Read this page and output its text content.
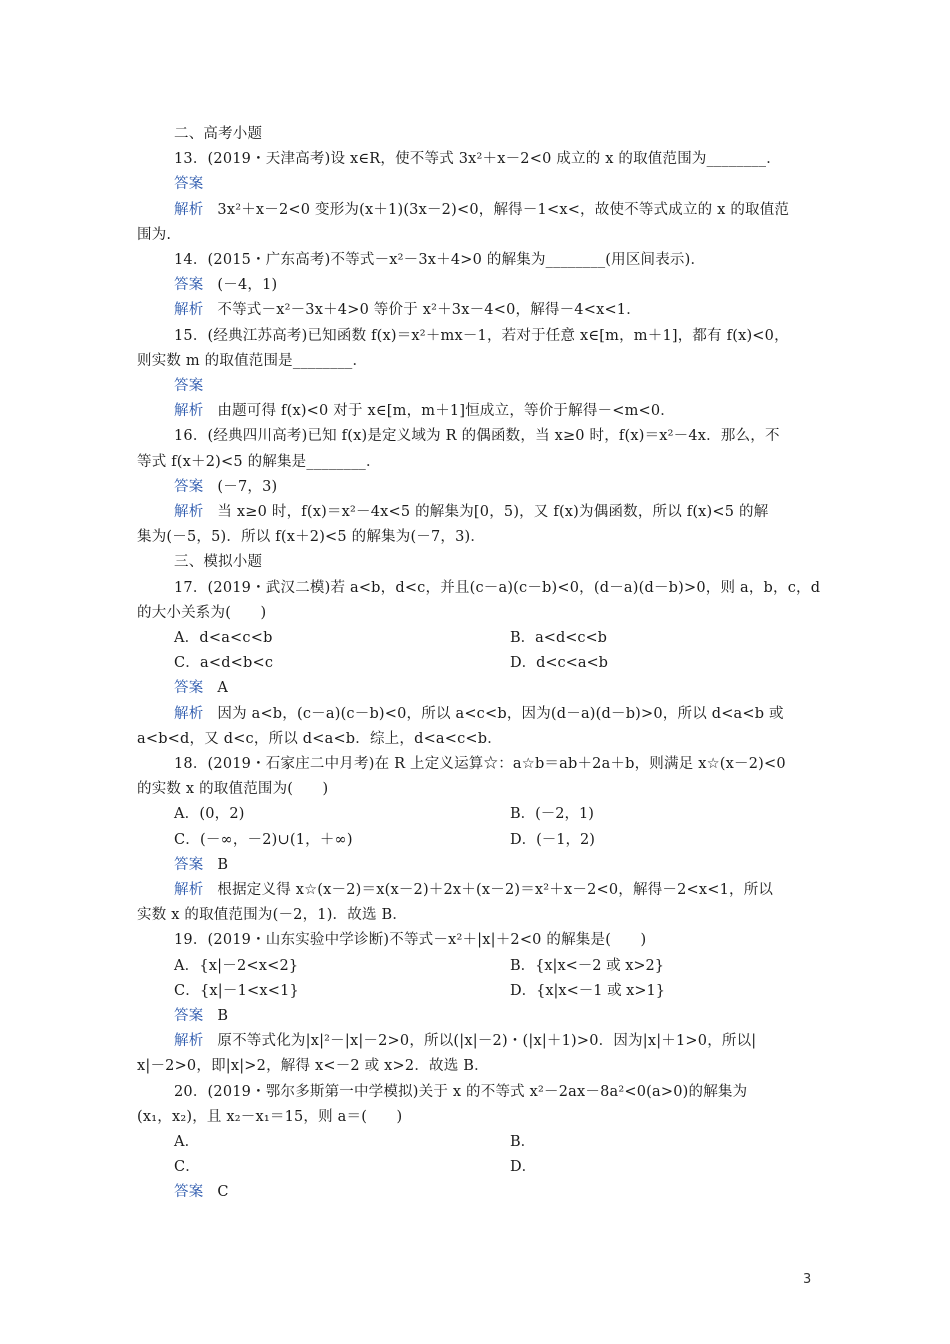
二、高考小题
13．(2019・天津高考)设 x∈R，使不等式 3x²＋x－2<0 成立的 x 的取值范围为________．
答案
解析 3x²＋x－2<0 变形为(x＋1)(3x－2)<0，解得－1<x<，故使不等式成立的 x 的取值范
围为.
14．(2015・广东高考)不等式－x²－3x＋4>0 的解集为________(用区间表示)．
答案 (－4，1)
解析 不等式－x²－3x＋4>0 等价于 x²＋3x－4<0，解得－4<x<1．
15．(经典江苏高考)已知函数 f(x)＝x²＋mx－1，若对于任意 x∈[m，m＋1]，都有 f(x)<0，
则实数 m 的取值范围是________．
答案
解析 由题可得 f(x)<0 对于 x∈[m，m＋1]恒成立，等价于解得－<m<0．
16．(经典四川高考)已知 f(x)是定义域为 R 的偶函数，当 x≥0 时，f(x)＝x²－4x．那么，不
等式 f(x＋2)<5 的解集是________．
答案 (－7，3)
解析 当 x≥0 时，f(x)＝x²－4x<5 的解集为[0，5)，又 f(x)为偶函数，所以 f(x)<5 的解
集为(－5，5)．所以 f(x＋2)<5 的解集为(－7，3)．
三、模拟小题
17．(2019・武汉二模)若 a<b，d<c，并且(c－a)(c－b)<0，(d－a)(d－b)>0，则 a，b，c，d
的大小关系为(　　)
A．d<a<c<b	B．a<d<c<b
C．a<d<b<c	D．d<c<a<b
答案 A
解析 因为 a<b，(c－a)(c－b)<0，所以 a<c<b，因为(d－a)(d－b)>0，所以 d<a<b 或
a<b<d，又 d<c，所以 d<a<b．综上，d<a<c<b．
18．(2019・石家庄二中月考)在 R 上定义运算☆：a☆b＝ab＋2a＋b，则满足 x☆(x－2)<0
的实数 x 的取值范围为(　　)
A．(0，2)	B．(－2，1)
C．(－∞，－2)∪(1，＋∞)	D．(－1，2)
答案 B
解析 根据定义得 x☆(x－2)＝x(x－2)＋2x＋(x－2)＝x²＋x－2<0，解得－2<x<1，所以
实数 x 的取值范围为(－2，1)．故选 B．
19．(2019・山东实验中学诊断)不等式－x²＋|x|＋2<0 的解集是(　　)
A．{x|－2<x<2}	B．{x|x<－2 或 x>2}
C．{x|－1<x<1}	D．{x|x<－1 或 x>1}
答案 B
解析 原不等式化为|x|²－|x|－2>0，所以(|x|－2)・(|x|＋1)>0．因为|x|＋1>0，所以|
x|－2>0，即|x|>2，解得 x<－2 或 x>2．故选 B．
20．(2019・鄂尔多斯第一中学模拟)关于 x 的不等式 x²－2ax－8a²<0(a>0)的解集为
(x₁，x₂)，且 x₂－x₁＝15，则 a＝(　　)
A．	B．
C．	D．
答案 C
3
